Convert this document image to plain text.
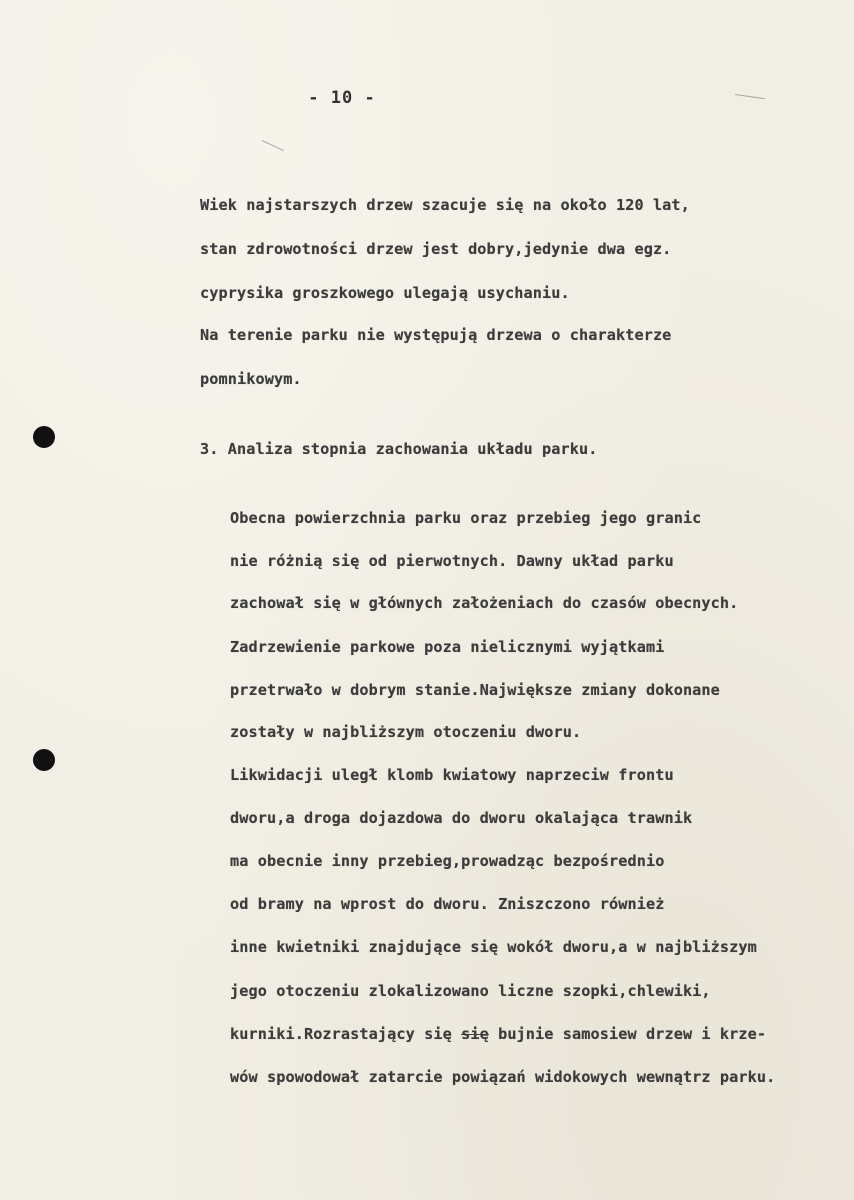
- 10 -
Wiek najstarszych drzew szacuje się na około 120 lat,
stan zdrowotności drzew jest dobry,jedynie dwa egz.
cyprysika groszkowego ulegają usychaniu.
Na terenie parku nie występują drzewa o charakterze
pomnikowym.
3. Analiza stopnia zachowania układu parku.
Obecna powierzchnia parku oraz przebieg jego granic
nie różnią się od pierwotnych. Dawny układ parku
zachował się w głównych założeniach do czasów obecnych.
Zadrzewienie parkowe poza nielicznymi wyjątkami
przetrwało w dobrym stanie.Największe zmiany dokonane
zostały w najbliższym otoczeniu dworu.
Likwidacji uległ klomb kwiatowy naprzeciw frontu
dworu,a droga dojazdowa do dworu okalająca trawnik
ma obecnie inny przebieg,prowadząc bezpośrednio
od bramy na wprost do dworu. Zniszczono również
inne kwietniki znajdujące się wokół dworu,a w najbliższym
jego otoczeniu zlokalizowano liczne szopki,chlewiki,
kurniki.Rozrastający się się bujnie samosiew drzew i krze-
wów spowodował zatarcie powiązań widokowych wewnątrz parku.
